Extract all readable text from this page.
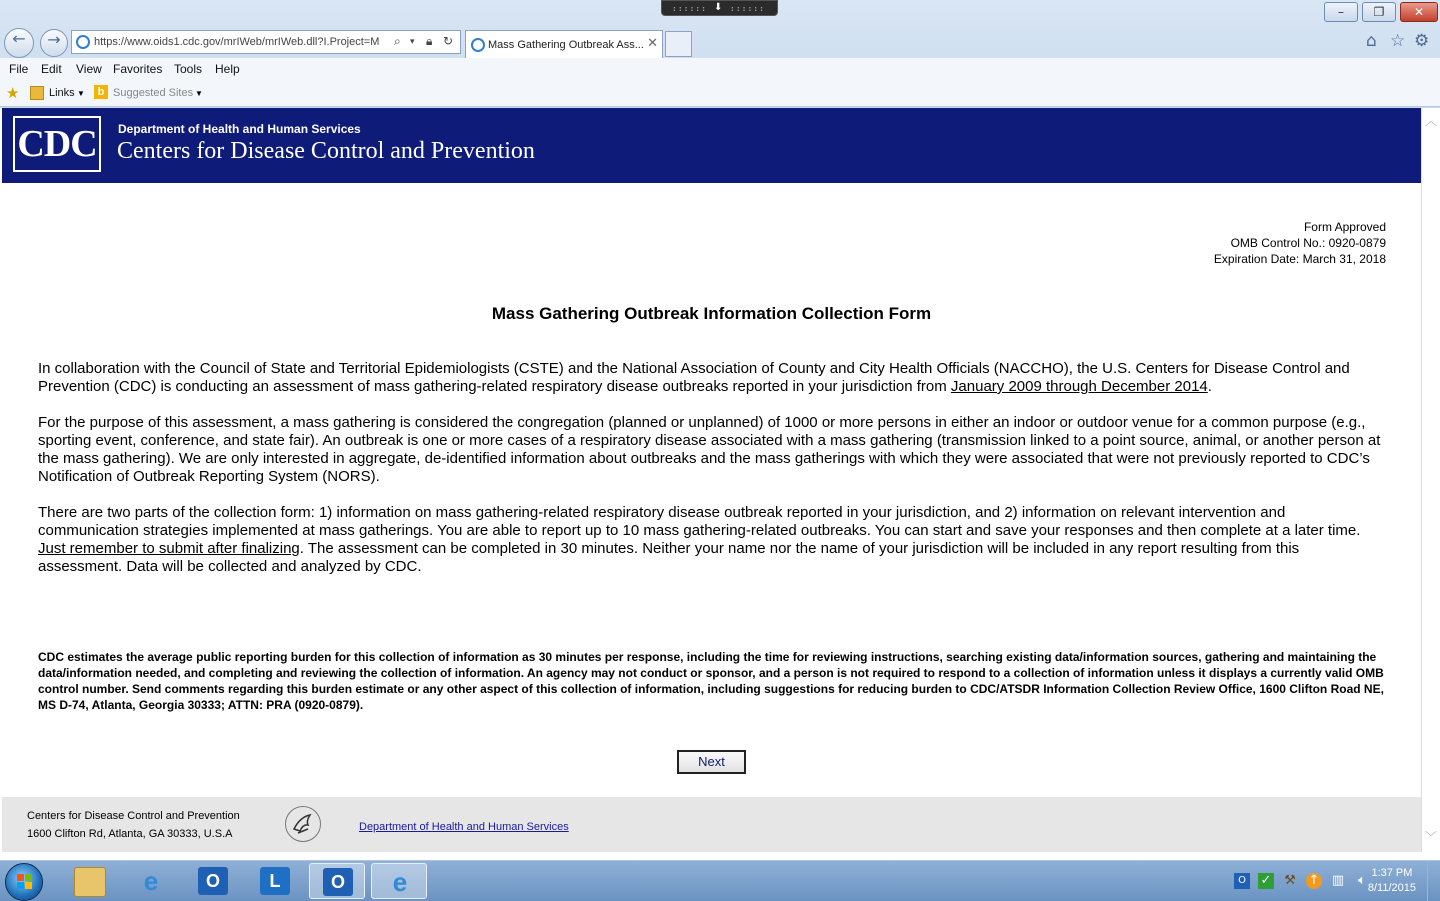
:::::: ⬇ ::::::	–	❐	✕
←	→	https://www.oids1.cdc.gov/mrIWeb/mrIWeb.dll?I.Project=M	⌕ ▾ 🔒︎ ↻	Mass Gathering Outbreak Ass... ✕	⌂ ☆ ⚙
File Edit View Favorites Tools Help
★	Links ▼	b Suggested Sites ▼
CDC Department of Health and Human Services
Centers for Disease Control and Prevention
Form Approved
OMB Control No.: 0920-0879
Expiration Date: March 31, 2018
Mass Gathering Outbreak Information Collection Form

In collaboration with the Council of State and Territorial Epidemiologists (CSTE) and the National Association of County and City Health Officials (NACCHO), the U.S. Centers for Disease Control and Prevention (CDC) is conducting an assessment of mass gathering-related respiratory disease outbreaks reported in your jurisdiction from January 2009 through December 2014.

For the purpose of this assessment, a mass gathering is considered the congregation (planned or unplanned) of 1000 or more persons in either an indoor or outdoor venue for a common purpose (e.g., sporting event, conference, and state fair). An outbreak is one or more cases of a respiratory disease associated with a mass gathering (transmission linked to a point source, animal, or another person at the mass gathering). We are only interested in aggregate, de-identified information about outbreaks and the mass gatherings with which they were associated that were not previously reported to CDC’s Notification of Outbreak Reporting System (NORS).

There are two parts of the collection form: 1) information on mass gathering-related respiratory disease outbreak reported in your jurisdiction, and 2) information on relevant intervention and communication strategies implemented at mass gatherings. You are able to report up to 10 mass gathering-related outbreaks. You can start and save your responses and then complete at a later time. Just remember to submit after finalizing. The assessment can be completed in 30 minutes. Neither your name nor the name of your jurisdiction will be included in any report resulting from this assessment. Data will be collected and analyzed by CDC.

CDC estimates the average public reporting burden for this collection of information as 30 minutes per response, including the time for reviewing instructions, searching existing data/information sources, gathering and maintaining the data/information needed, and completing and reviewing the collection of information. An agency may not conduct or sponsor, and a person is not required to respond to a collection of information unless it displays a currently valid OMB control number. Send comments regarding this burden estimate or any other aspect of this collection of information, including suggestions for reducing burden to CDC/ATSDR Information Collection Review Office, 1600 Clifton Road NE, MS D-74, Atlanta, Georgia 30333; ATTN: PRA (0920-0879).

Next
Centers for Disease Control and Prevention
1600 Clifton Rd, Atlanta, GA 30333, U.S.A
Department of Health and Human Services
︿
﹀
e	O	L	O	e	O	✓ ⚒ ↑ ▥	🔈︎ 1:37 PM
8/11/2015
